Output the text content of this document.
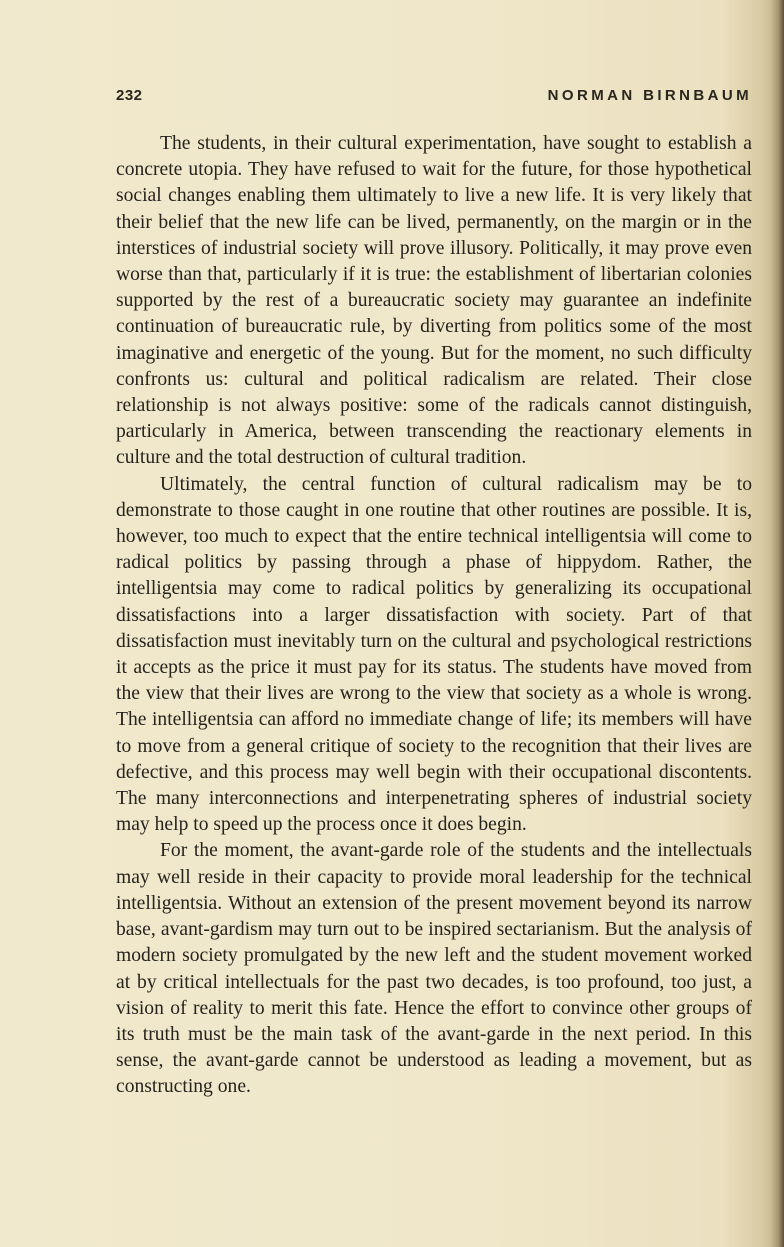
232	NORMAN BIRNBAUM

The students, in their cultural experimentation, have sought to establish a concrete utopia. They have refused to wait for the future, for those hypothetical social changes enabling them ultimately to live a new life. It is very likely that their belief that the new life can be lived, permanently, on the margin or in the interstices of industrial society will prove illusory. Politically, it may prove even worse than that, particularly if it is true: the establishment of libertarian colonies supported by the rest of a bureaucratic society may guarantee an indefinite continuation of bureaucratic rule, by diverting from politics some of the most imaginative and energetic of the young. But for the moment, no such difficulty confronts us: cultural and political radicalism are related. Their close relationship is not always positive: some of the radicals cannot distinguish, particularly in America, between transcending the reactionary elements in culture and the total destruction of cultural tradition.

Ultimately, the central function of cultural radicalism may be to demonstrate to those caught in one routine that other routines are possible. It is, however, too much to expect that the entire technical intelligentsia will come to radical politics by passing through a phase of hippydom. Rather, the intelligentsia may come to radical politics by generalizing its occupational dissatisfactions into a larger dissatisfaction with society. Part of that dissatisfaction must inevitably turn on the cultural and psychological restrictions it accepts as the price it must pay for its status. The students have moved from the view that their lives are wrong to the view that society as a whole is wrong. The intelligentsia can afford no immediate change of life; its members will have to move from a general critique of society to the recognition that their lives are defective, and this process may well begin with their occupational discontents. The many interconnections and interpenetrating spheres of industrial society may help to speed up the process once it does begin.

For the moment, the avant-garde role of the students and the intellectuals may well reside in their capacity to provide moral leadership for the technical intelligentsia. Without an extension of the present movement beyond its narrow base, avant-gardism may turn out to be inspired sectarianism. But the analysis of modern society promulgated by the new left and the student movement worked at by critical intellectuals for the past two decades, is too profound, too just, a vision of reality to merit this fate. Hence the effort to convince other groups of its truth must be the main task of the avant-garde in the next period. In this sense, the avant-garde cannot be understood as leading a movement, but as constructing one.
